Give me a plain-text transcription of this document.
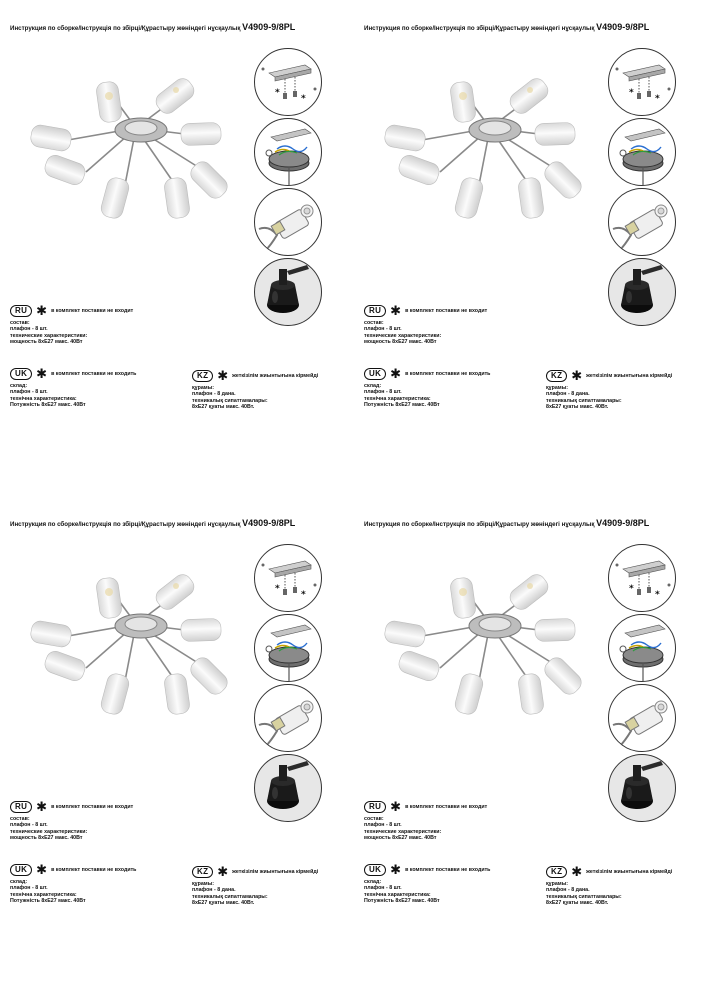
Инструкция по сборке/Інструкція по збірці/Құрастыру жөніндегі нұсқаулық V4909-9/8PL
*
*
RU ✱ в комплект поставки не входит
состав:
плафон - 8 шт.
технические характеристики:
мощность 8хЕ27 макс. 40Вт
UK ✱ в комплект поставки не входить
склад:
плафон - 8 шт.
технічна характеристика:
Потужність 8хЕ27 макс. 40Вт
KZ ✱ жеткізілім жиынтығына кірмейді
құрамы:
плафон - 8 дана.
техникалық сипаттамалары:
8хЕ27 қуаты макс. 40Вт.
Инструкция по сборке/Інструкція по збірці/Құрастыру жөніндегі нұсқаулық V4909-9/8PL
*
*
RU ✱ в комплект поставки не входит
состав:
плафон - 8 шт.
технические характеристики:
мощность 8хЕ27 макс. 40Вт
UK ✱ в комплект поставки не входить
склад:
плафон - 8 шт.
технічна характеристика:
Потужність 8хЕ27 макс. 40Вт
KZ ✱ жеткізілім жиынтығына кірмейді
құрамы:
плафон - 8 дана.
техникалық сипаттамалары:
8хЕ27 қуаты макс. 40Вт.
Инструкция по сборке/Інструкція по збірці/Құрастыру жөніндегі нұсқаулық V4909-9/8PL
*
*
RU ✱ в комплект поставки не входит
состав:
плафон - 8 шт.
технические характеристики:
мощность 8хЕ27 макс. 40Вт
UK ✱ в комплект поставки не входить
склад:
плафон - 8 шт.
технічна характеристика:
Потужність 8хЕ27 макс. 40Вт
KZ ✱ жеткізілім жиынтығына кірмейді
құрамы:
плафон - 8 дана.
техникалық сипаттамалары:
8хЕ27 қуаты макс. 40Вт.
Инструкция по сборке/Інструкція по збірці/Құрастыру жөніндегі нұсқаулық V4909-9/8PL
*
*
RU ✱ в комплект поставки не входит
состав:
плафон - 8 шт.
технические характеристики:
мощность 8хЕ27 макс. 40Вт
UK ✱ в комплект поставки не входить
склад:
плафон - 8 шт.
технічна характеристика:
Потужність 8хЕ27 макс. 40Вт
KZ ✱ жеткізілім жиынтығына кірмейді
құрамы:
плафон - 8 дана.
техникалық сипаттамалары:
8хЕ27 қуаты макс. 40Вт.
